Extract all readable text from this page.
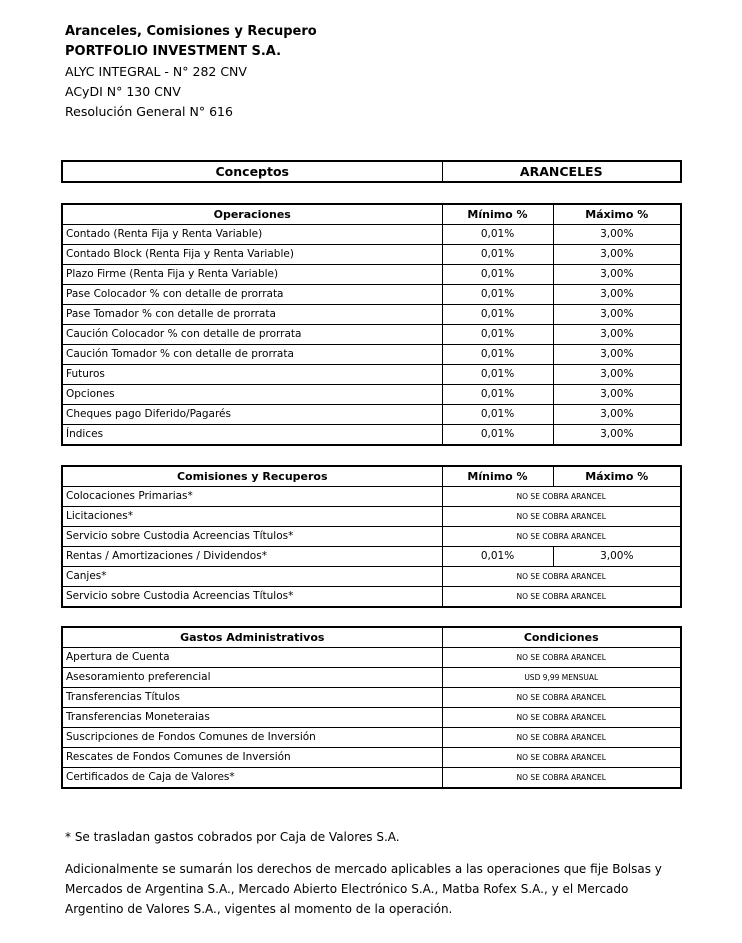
Aranceles, Comisiones y Recupero
PORTFOLIO INVESTMENT S.A.
ALYC INTEGRAL - N° 282 CNV
ACyDI N° 130 CNV
Resolución General N° 616
Conceptos	ARANCELES
Operaciones	Mínimo %	Máximo %
Contado (Renta Fija y Renta Variable)	0,01%	3,00%
Contado Block (Renta Fija y Renta Variable)	0,01%	3,00%
Plazo Firme (Renta Fija y Renta Variable)	0,01%	3,00%
Pase Colocador % con detalle de prorrata	0,01%	3,00%
Pase Tomador % con detalle de prorrata	0,01%	3,00%
Caución Colocador % con detalle de prorrata	0,01%	3,00%
Caución Tomador % con detalle de prorrata	0,01%	3,00%
Futuros	0,01%	3,00%
Opciones	0,01%	3,00%
Cheques pago Diferido/Pagarés	0,01%	3,00%
Índices	0,01%	3,00%
Comisiones y Recuperos	Mínimo %	Máximo %
Colocaciones Primarias*	NO SE COBRA ARANCEL	
Licitaciones*	NO SE COBRA ARANCEL	
Servicio sobre Custodia Acreencias Títulos*	NO SE COBRA ARANCEL	
Rentas / Amortizaciones / Dividendos*	0,01%	3,00%
Canjes*	NO SE COBRA ARANCEL	
Servicio sobre Custodia Acreencias Títulos*	NO SE COBRA ARANCEL	
Gastos Administrativos	Condiciones
Apertura de Cuenta	NO SE COBRA ARANCEL
Asesoramiento preferencial	USD 9,99 MENSUAL
Transferencias Títulos	NO SE COBRA ARANCEL
Transferencias Moneteraias	NO SE COBRA ARANCEL
Suscripciones de Fondos Comunes de Inversión	NO SE COBRA ARANCEL
Rescates de Fondos Comunes de Inversión	NO SE COBRA ARANCEL
Certificados de Caja de Valores*	NO SE COBRA ARANCEL
* Se trasladan gastos cobrados por Caja de Valores S.A.
Adicionalmente se sumarán los derechos de mercado aplicables a las operaciones que fije Bolsas y Mercados de Argentina S.A., Mercado Abierto Electrónico S.A., Matba Rofex S.A., y el Mercado Argentino de Valores S.A., vigentes al momento de la operación.
